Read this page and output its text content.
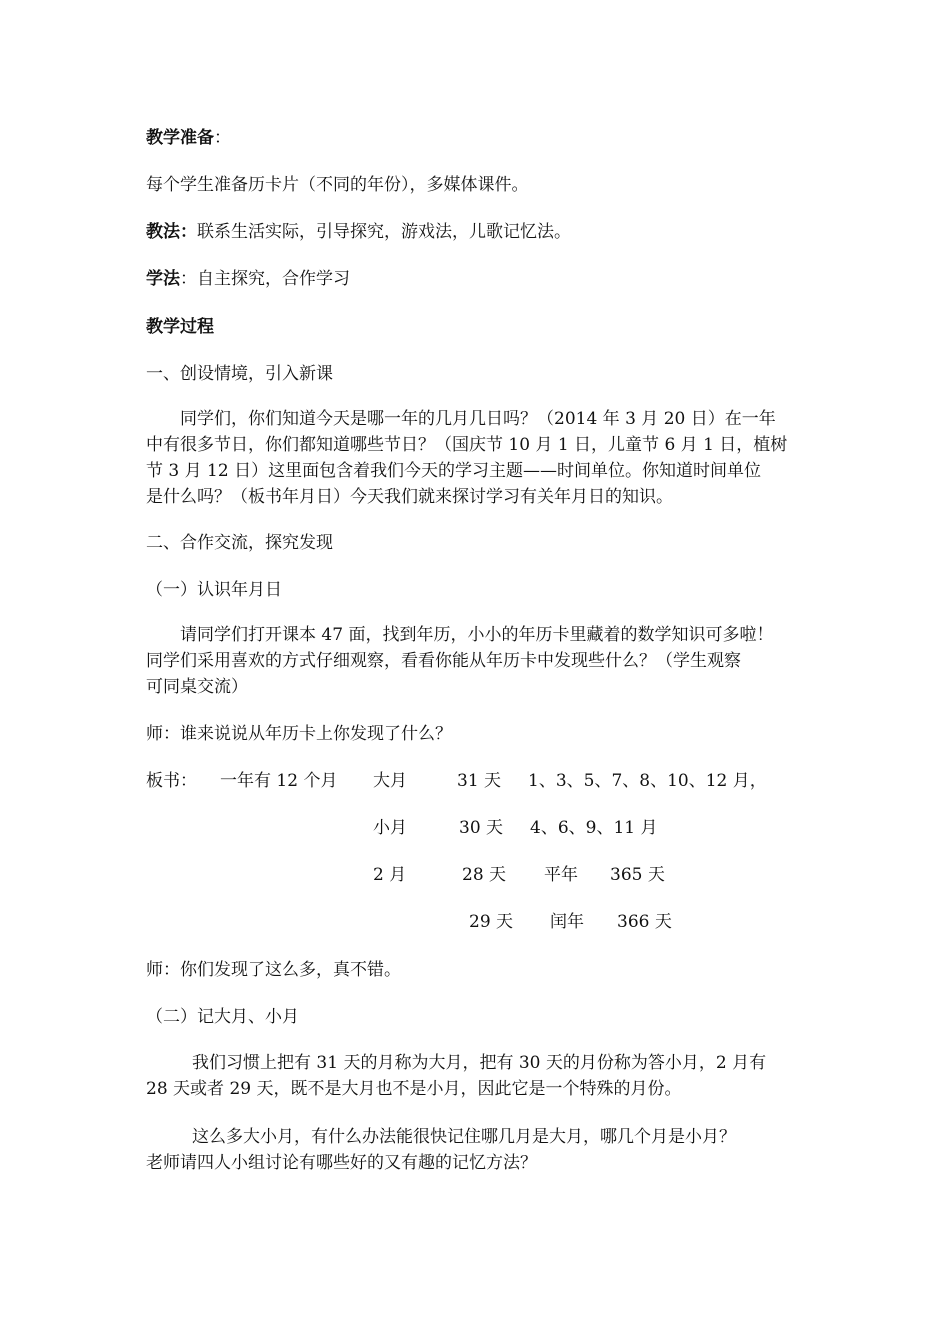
教学准备：
每个学生准备历卡片（不同的年份），多媒体课件。
教法：联系生活实际，引导探究，游戏法，儿歌记忆法。
学法：自主探究，合作学习
教学过程
一、创设情境，引入新课
同学们，你们知道今天是哪一年的几月几日吗？（2014 年 3 月 20 日）在一年
中有很多节日，你们都知道哪些节日？（国庆节 10 月 1 日，儿童节 6 月 1 日，植树
节 3 月 12 日）这里面包含着我们今天的学习主题——时间单位。你知道时间单位
是什么吗？（板书年月日）今天我们就来探讨学习有关年月日的知识。
二、合作交流，探究发现
（一）认识年月日
请同学们打开课本 47 面，找到年历，小小的年历卡里藏着的数学知识可多啦！
同学们采用喜欢的方式仔细观察，看看你能从年历卡中发现些什么？（学生观察
可同桌交流）
师：谁来说说从年历卡上你发现了什么？
板书： 一年有 12 个月 大月	31 天 1、3、5、7、8、10、12 月，
小月	30 天 4、6、9、11 月
2 月	28 天 平年 365 天
29 天 闰年 366 天
师：你们发现了这么多，真不错。
（二）记大月、小月
我们习惯上把有 31 天的月称为大月，把有 30 天的月份称为答小月，2 月有
28 天或者 29 天，既不是大月也不是小月，因此它是一个特殊的月份。
这么多大小月，有什么办法能很快记住哪几月是大月，哪几个月是小月？
老师请四人小组讨论有哪些好的又有趣的记忆方法？
